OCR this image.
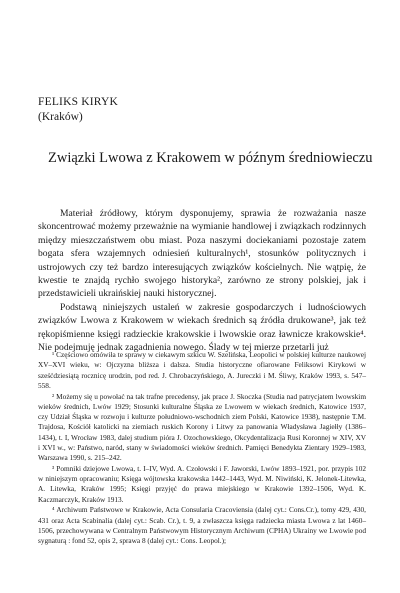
FELIKS KIRYK
(Kraków)
Związki Lwowa z Krakowem w późnym średniowieczu

Materiał źródłowy, którym dysponujemy, sprawia że rozważania nasze skoncentrować możemy przeważnie na wymianie handlowej i związkach rodzinnych między mieszczaństwem obu miast. Poza naszymi dociekaniami pozostaje zatem bogata sfera wzajemnych odniesień kulturalnych¹, stosunków politycznych i ustrojowych czy też bardzo interesujących związków kościelnych. Nie wątpię, że kwestie te znajdą rychło swojego historyka², zarówno ze strony polskiej, jak i przedstawicieli ukraińskiej nauki historycznej.

Podstawą niniejszych ustaleń w zakresie gospodarczych i ludnościowych związków Lwowa z Krakowem w wiekach średnich są źródła drukowane³, jak też rękopiśmienne księgi radzieckie krakowskie i lwowskie oraz ławnicze krakowskie⁴. Nie podejmuję jednak zagadnienia nowego. Ślady w tej mierze przetarli już

¹ Częściowo omówiła te sprawy w ciekawym szkicu W. Szelińska, Leopolici w polskiej kulturze naukowej XV–XVI wieku, w: Ojczyzna bliższa i dalsza. Studia historyczne ofiarowane Feliksowi Kirykowi w sześćdziesiątą rocznicę urodzin, pod red. J. Chrobaczyńskiego, A. Jureczki i M. Śliwy, Kraków 1993, s. 547–558.

² Możemy się u powołać na tak trafne precedensy, jak prace J. Skoczka (Studia nad patrycjatem lwowskim wieków średnich, Lwów 1929; Stosunki kulturalne Śląska ze Lwowem w wiekach średnich, Katowice 1937, czy Udział Śląska w rozwoju i kulturze południowo-wschodnich ziem Polski, Katowice 1938), następnie T.M. Trajdosa, Kościół katolicki na ziemiach ruskich Korony i Litwy za panowania Władysława Jagiełły (1386–1434), t. I, Wrocław 1983, dalej studium pióra J. Ozochowskiego, Okcydentalizacja Rusi Koronnej w XIV, XV i XVI w., w: Państwo, naród, stany w świadomości wieków średnich. Pamięci Benedykta Zientary 1929–1983, Warszawa 1990, s. 215–242.

³ Pomniki dziejowe Lwowa, t. I–IV, Wyd. A. Czołowski i F. Jaworski, Lwów 1893–1921, por. przypis 102 w niniejszym opracowaniu; Księga wójtowska krakowska 1442–1443, Wyd. M. Niwiński, K. Jelonek-Litewka, A. Litewka, Kraków 1995; Księgi przyjęć do prawa miejskiego w Krakowie 1392–1506, Wyd. K. Kaczmarczyk, Kraków 1913.

⁴ Archiwum Państwowe w Krakowie, Acta Consularia Cracoviensia (dalej cyt.: Cons.Cr.), tomy 429, 430, 431 oraz Acta Scabinalia (dalej cyt.: Scab. Cr.), t. 9, a zwłaszcza księga radziecka miasta Lwowa z lat 1460–1506, przechowywana w Centralnym Państwowym Historycznym Archiwum (CPHA) Ukrainy we Lwowie pod sygnaturą : fond 52, opis 2, sprawa 8 (dalej cyt.: Cons. Leopol.);
